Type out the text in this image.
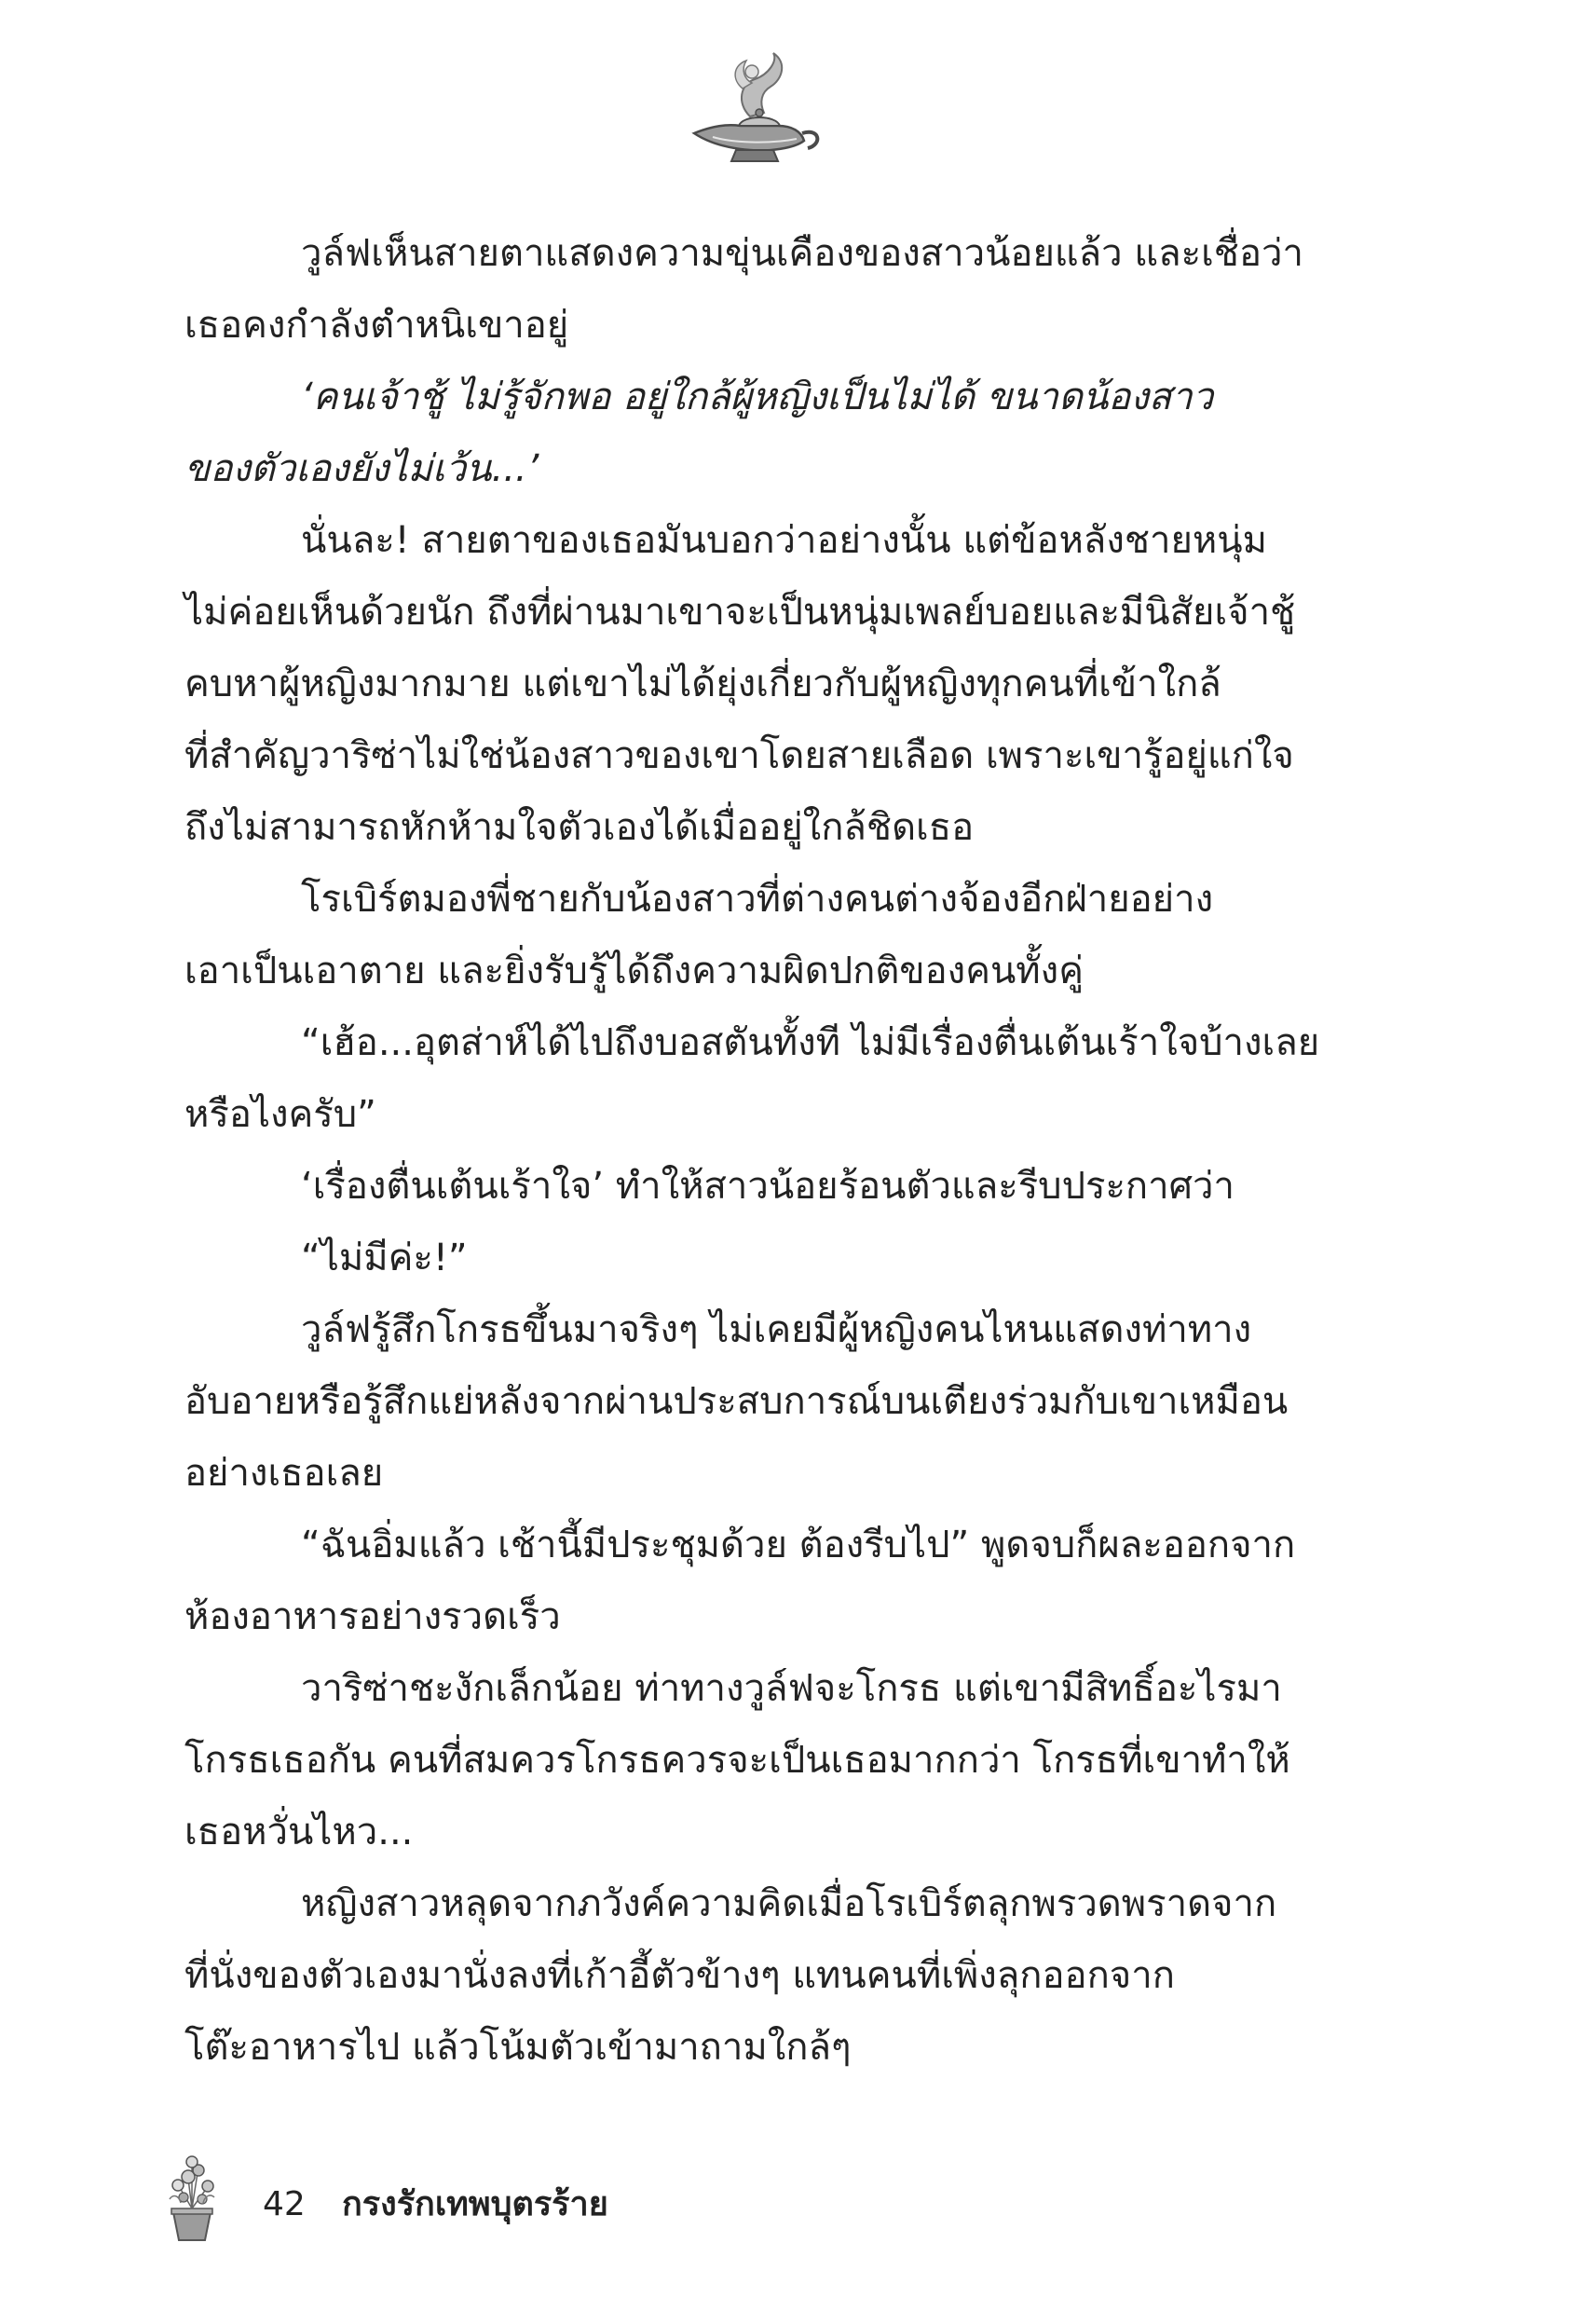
วูล์ฟเห็นสายตาแสดงความขุ่นเคืองของสาวน้อยแล้ว และเชื่อว่า
เธอคงกำลังตำหนิเขาอยู่
‘คนเจ้าชู้ ไม่รู้จักพอ อยู่ใกล้ผู้หญิงเป็นไม่ได้ ขนาดน้องสาว
ของตัวเองยังไม่เว้น...’
นั่นละ! สายตาของเธอมันบอกว่าอย่างนั้น แต่ข้อหลังชายหนุ่ม
ไม่ค่อยเห็นด้วยนัก ถึงที่ผ่านมาเขาจะเป็นหนุ่มเพลย์บอยและมีนิสัยเจ้าชู้
คบหาผู้หญิงมากมาย แต่เขาไม่ได้ยุ่งเกี่ยวกับผู้หญิงทุกคนที่เข้าใกล้
ที่สำคัญวาริซ่าไม่ใช่น้องสาวของเขาโดยสายเลือด เพราะเขารู้อยู่แก่ใจ
ถึงไม่สามารถหักห้ามใจตัวเองได้เมื่ออยู่ใกล้ชิดเธอ
โรเบิร์ตมองพี่ชายกับน้องสาวที่ต่างคนต่างจ้องอีกฝ่ายอย่าง
เอาเป็นเอาตาย และยิ่งรับรู้ได้ถึงความผิดปกติของคนทั้งคู่
“เฮ้อ...อุตส่าห์ได้ไปถึงบอสตันทั้งที ไม่มีเรื่องตื่นเต้นเร้าใจบ้างเลย
หรือไงครับ”
‘เรื่องตื่นเต้นเร้าใจ’ ทำให้สาวน้อยร้อนตัวและรีบประกาศว่า
“ไม่มีค่ะ!”
วูล์ฟรู้สึกโกรธขึ้นมาจริงๆ ไม่เคยมีผู้หญิงคนไหนแสดงท่าทาง
อับอายหรือรู้สึกแย่หลังจากผ่านประสบการณ์บนเตียงร่วมกับเขาเหมือน
อย่างเธอเลย
“ฉันอิ่มแล้ว เช้านี้มีประชุมด้วย ต้องรีบไป” พูดจบก็ผละออกจาก
ห้องอาหารอย่างรวดเร็ว
วาริซ่าชะงักเล็กน้อย ท่าทางวูล์ฟจะโกรธ แต่เขามีสิทธิ์อะไรมา
โกรธเธอกัน คนที่สมควรโกรธควรจะเป็นเธอมากกว่า โกรธที่เขาทำให้
เธอหวั่นไหว...
หญิงสาวหลุดจากภวังค์ความคิดเมื่อโรเบิร์ตลุกพรวดพราดจาก
ที่นั่งของตัวเองมานั่งลงที่เก้าอี้ตัวข้างๆ แทนคนที่เพิ่งลุกออกจาก
โต๊ะอาหารไป แล้วโน้มตัวเข้ามาถามใกล้ๆ
42 กรงรักเทพบุตรร้าย
